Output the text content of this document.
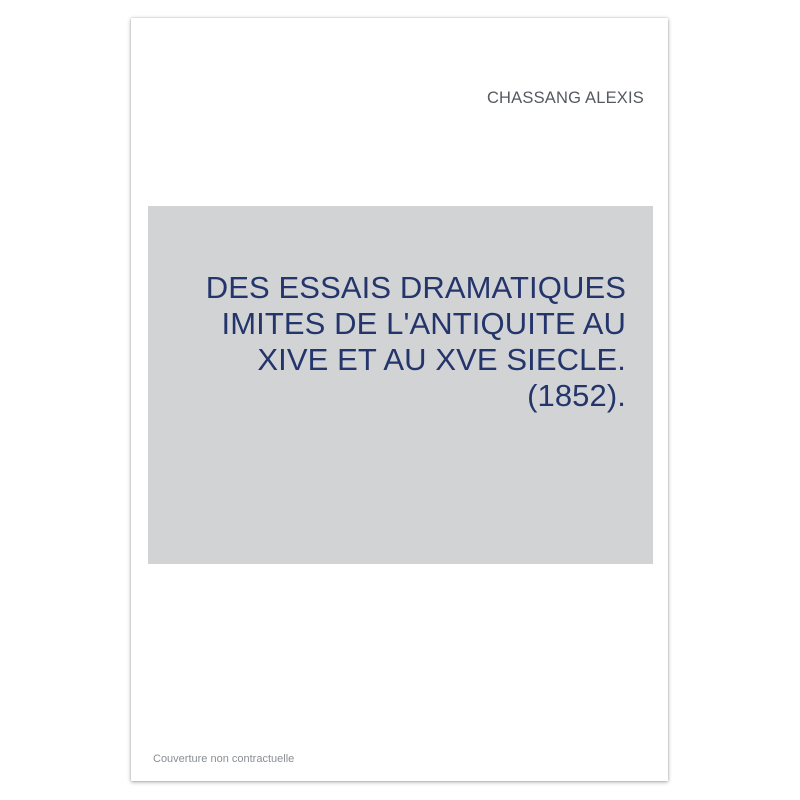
CHASSANG ALEXIS
DES ESSAIS DRAMATIQUES IMITES DE L'ANTIQUITE AU XIVE ET AU XVE SIECLE. (1852).
Couverture non contractuelle
